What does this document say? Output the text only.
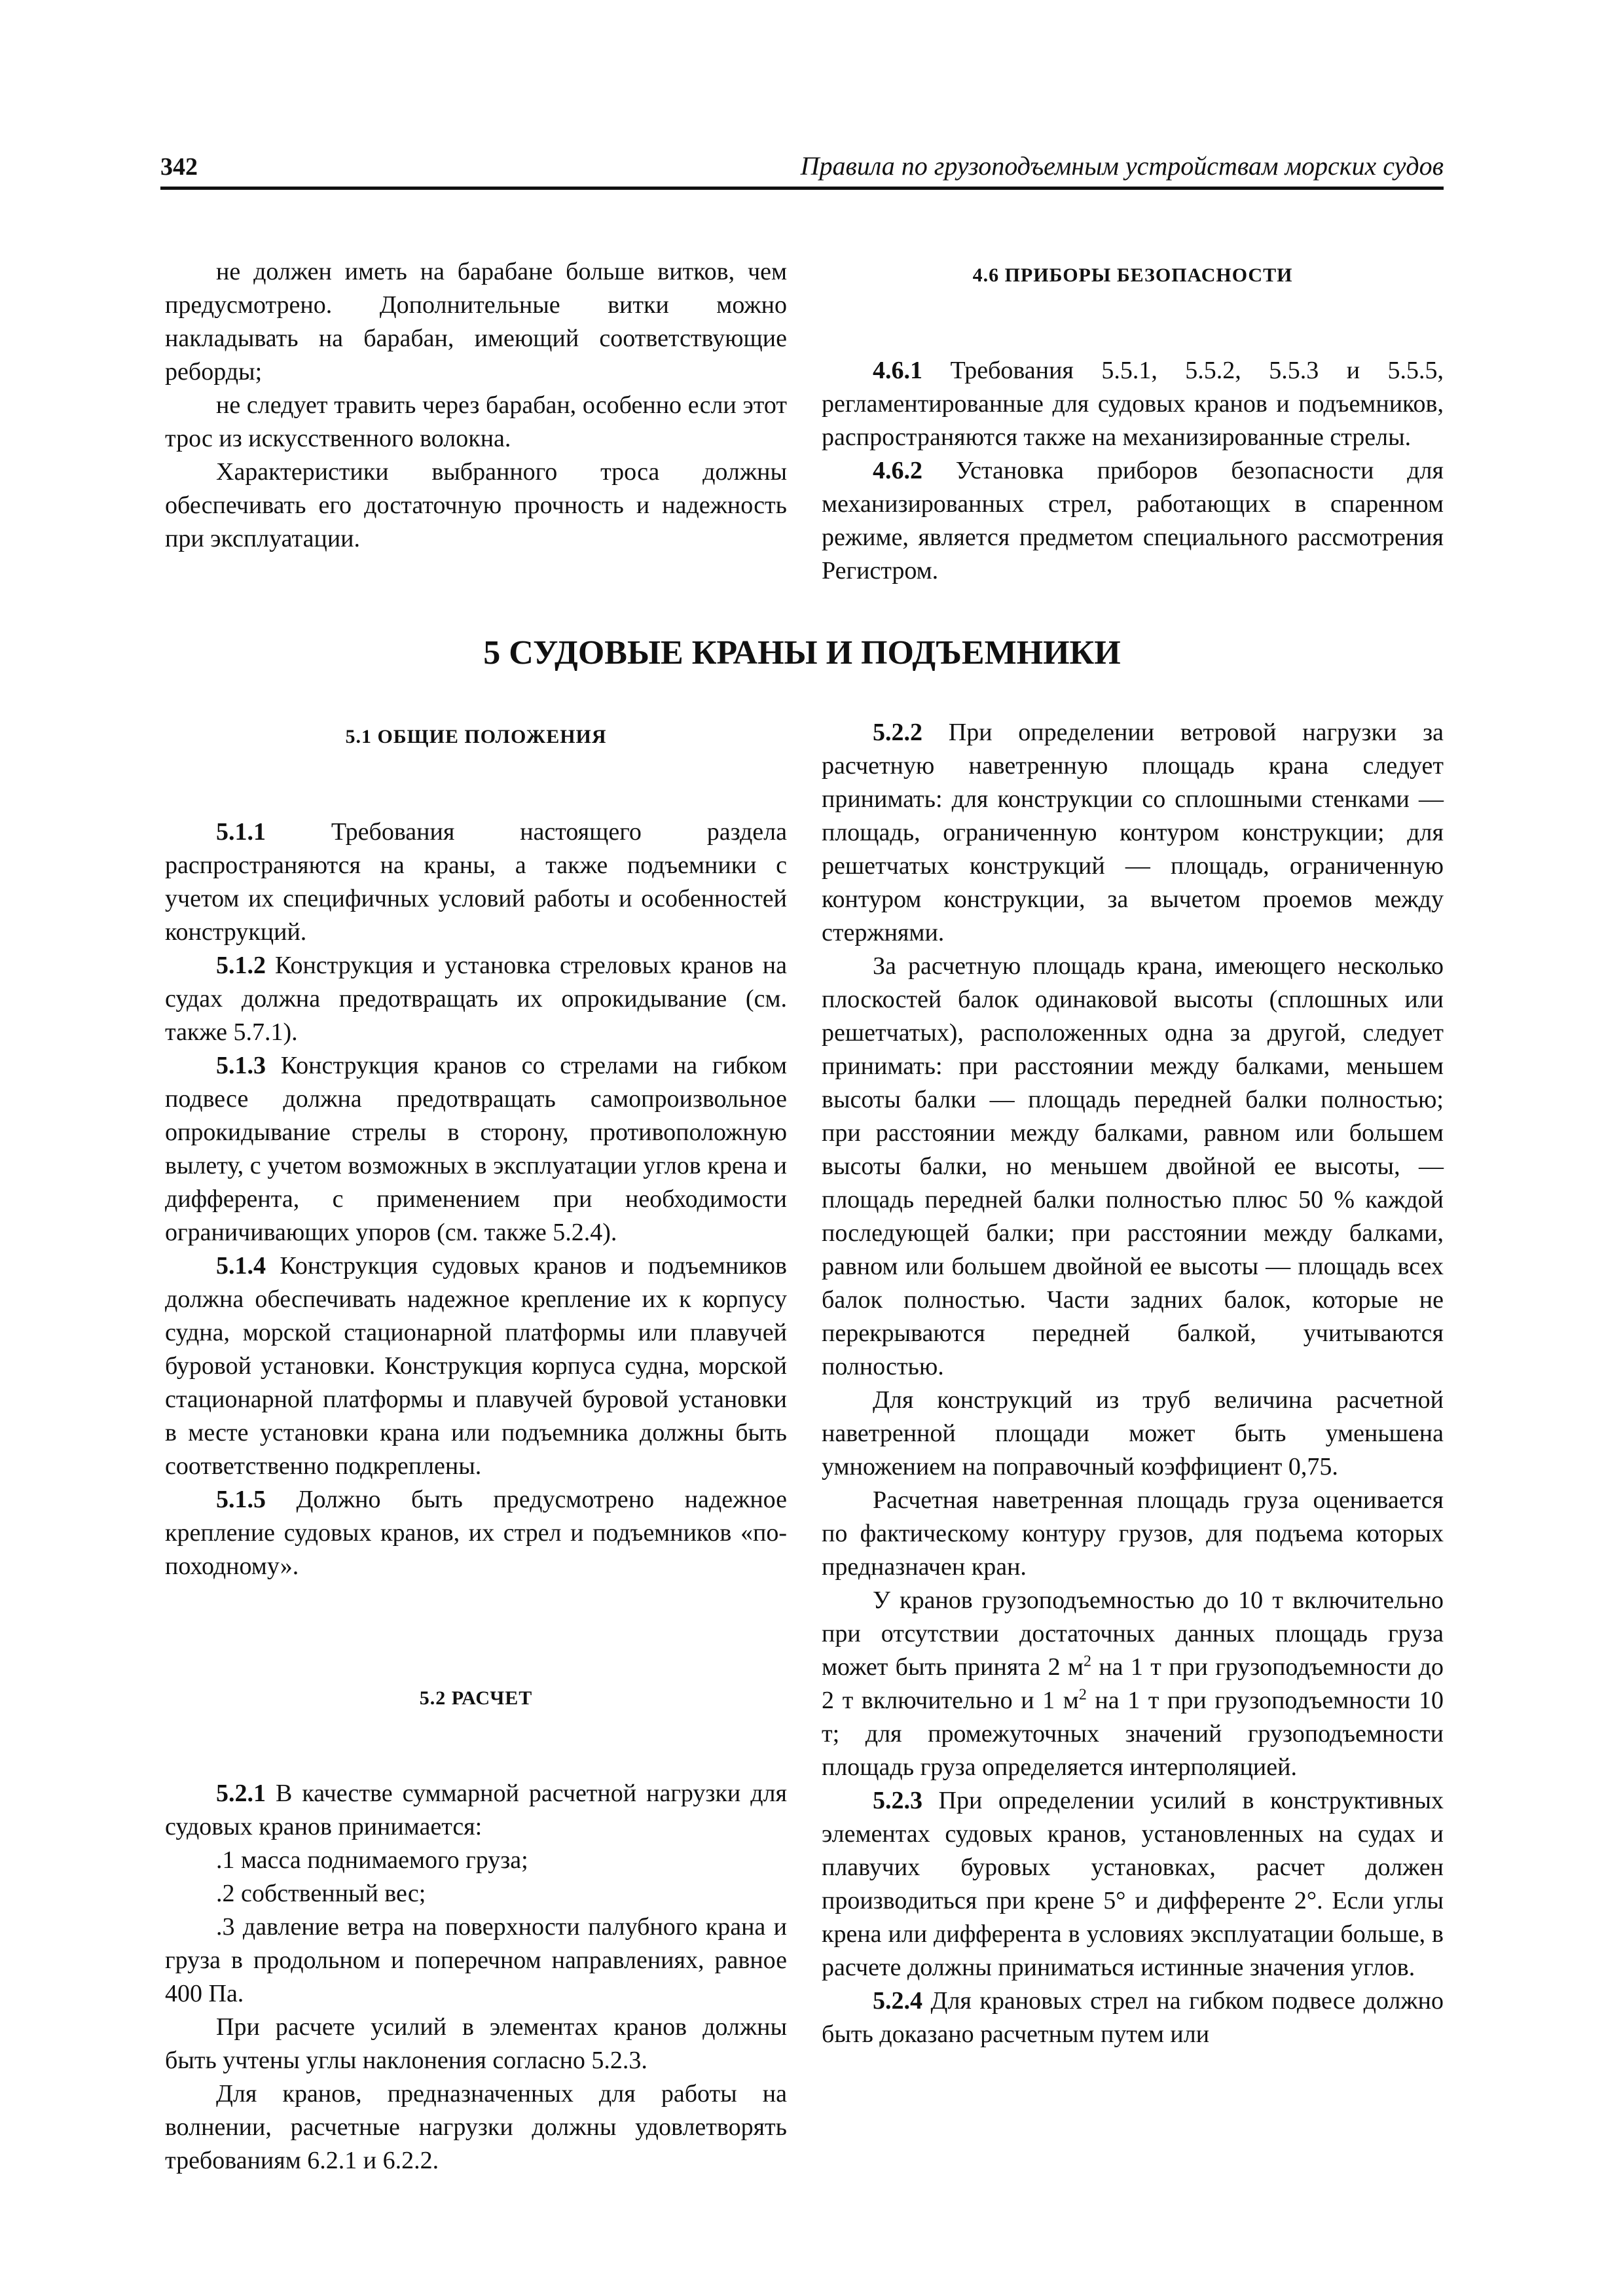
342	Правила по грузоподъемным устройствам морских судов

не должен иметь на барабане больше витков, чем предусмотрено. Дополнительные витки можно накладывать на барабан, имеющий соответствующие реборды;

не следует травить через барабан, особенно если этот трос из искусственного волокна.

Характеристики выбранного троса должны обеспечивать его достаточную прочность и надежность при эксплуатации.

4.6 ПРИБОРЫ БЕЗОПАСНОСТИ

4.6.1 Требования 5.5.1, 5.5.2, 5.5.3 и 5.5.5, регламентированные для судовых кранов и подъемников, распространяются также на механизированные стрелы.

4.6.2 Установка приборов безопасности для механизированных стрел, работающих в спаренном режиме, является предметом специального рассмотрения Регистром.

5 СУДОВЫЕ КРАНЫ И ПОДЪЕМНИКИ

5.1 ОБЩИЕ ПОЛОЖЕНИЯ

5.1.1 Требования настоящего раздела распространяются на краны, а также подъемники с учетом их специфичных условий работы и особенностей конструкций.

5.1.2 Конструкция и установка стреловых кранов на судах должна предотвращать их опрокидывание (см. также 5.7.1).

5.1.3 Конструкция кранов со стрелами на гибком подвесе должна предотвращать самопроизвольное опрокидывание стрелы в сторону, противоположную вылету, с учетом возможных в эксплуатации углов крена и дифферента, с применением при необходимости ограничивающих упоров (см. также 5.2.4).

5.1.4 Конструкция судовых кранов и подъемников должна обеспечивать надежное крепление их к корпусу судна, морской стационарной платформы или плавучей буровой установки. Конструкция корпуса судна, морской стационарной платформы и плавучей буровой установки в месте установки крана или подъемника должны быть соответственно подкреплены.

5.1.5 Должно быть предусмотрено надежное крепление судовых кранов, их стрел и подъемников «по-походному».

5.2 РАСЧЕТ

5.2.1 В качестве суммарной расчетной нагрузки для судовых кранов принимается:

.1 масса поднимаемого груза;

.2 собственный вес;

.3 давление ветра на поверхности палубного крана и груза в продольном и поперечном направлениях, равное 400 Па.

При расчете усилий в элементах кранов должны быть учтены углы наклонения согласно 5.2.3.

Для кранов, предназначенных для работы на волнении, расчетные нагрузки должны удовлетворять требованиям 6.2.1 и 6.2.2.

5.2.2 При определении ветровой нагрузки за расчетную наветренную площадь крана следует принимать: для конструкции со сплошными стенками — площадь, ограниченную контуром конструкции; для решетчатых конструкций — площадь, ограниченную контуром конструкции, за вычетом проемов между стержнями.

За расчетную площадь крана, имеющего несколько плоскостей балок одинаковой высоты (сплошных или решетчатых), расположенных одна за другой, следует принимать: при расстоянии между балками, меньшем высоты балки — площадь передней балки полностью; при расстоянии между балками, равном или большем высоты балки, но меньшем двойной ее высоты, — площадь передней балки полностью плюс 50 % каждой последующей балки; при расстоянии между балками, равном или большем двойной ее высоты — площадь всех балок полностью. Части задних балок, которые не перекрываются передней балкой, учитываются полностью.

Для конструкций из труб величина расчетной наветренной площади может быть уменьшена умножением на поправочный коэффициент 0,75.

Расчетная наветренная площадь груза оценивается по фактическому контуру грузов, для подъема которых предназначен кран.

У кранов грузоподъемностью до 10 т включительно при отсутствии достаточных данных площадь груза может быть принята 2 $м^2$ на 1 т при грузоподъемности до 2 т включительно и 1 $м^2$ на 1 т при грузоподъемности 10 т; для промежуточных значений грузоподъемности площадь груза определяется интерполяцией.

5.2.3 При определении усилий в конструктивных элементах судовых кранов, установленных на судах и плавучих буровых установках, расчет должен производиться при крене 5° и дифференте 2°. Если углы крена или дифферента в условиях эксплуатации больше, в расчете должны приниматься истинные значения углов.

5.2.4 Для крановых стрел на гибком подвесе должно быть доказано расчетным путем или
